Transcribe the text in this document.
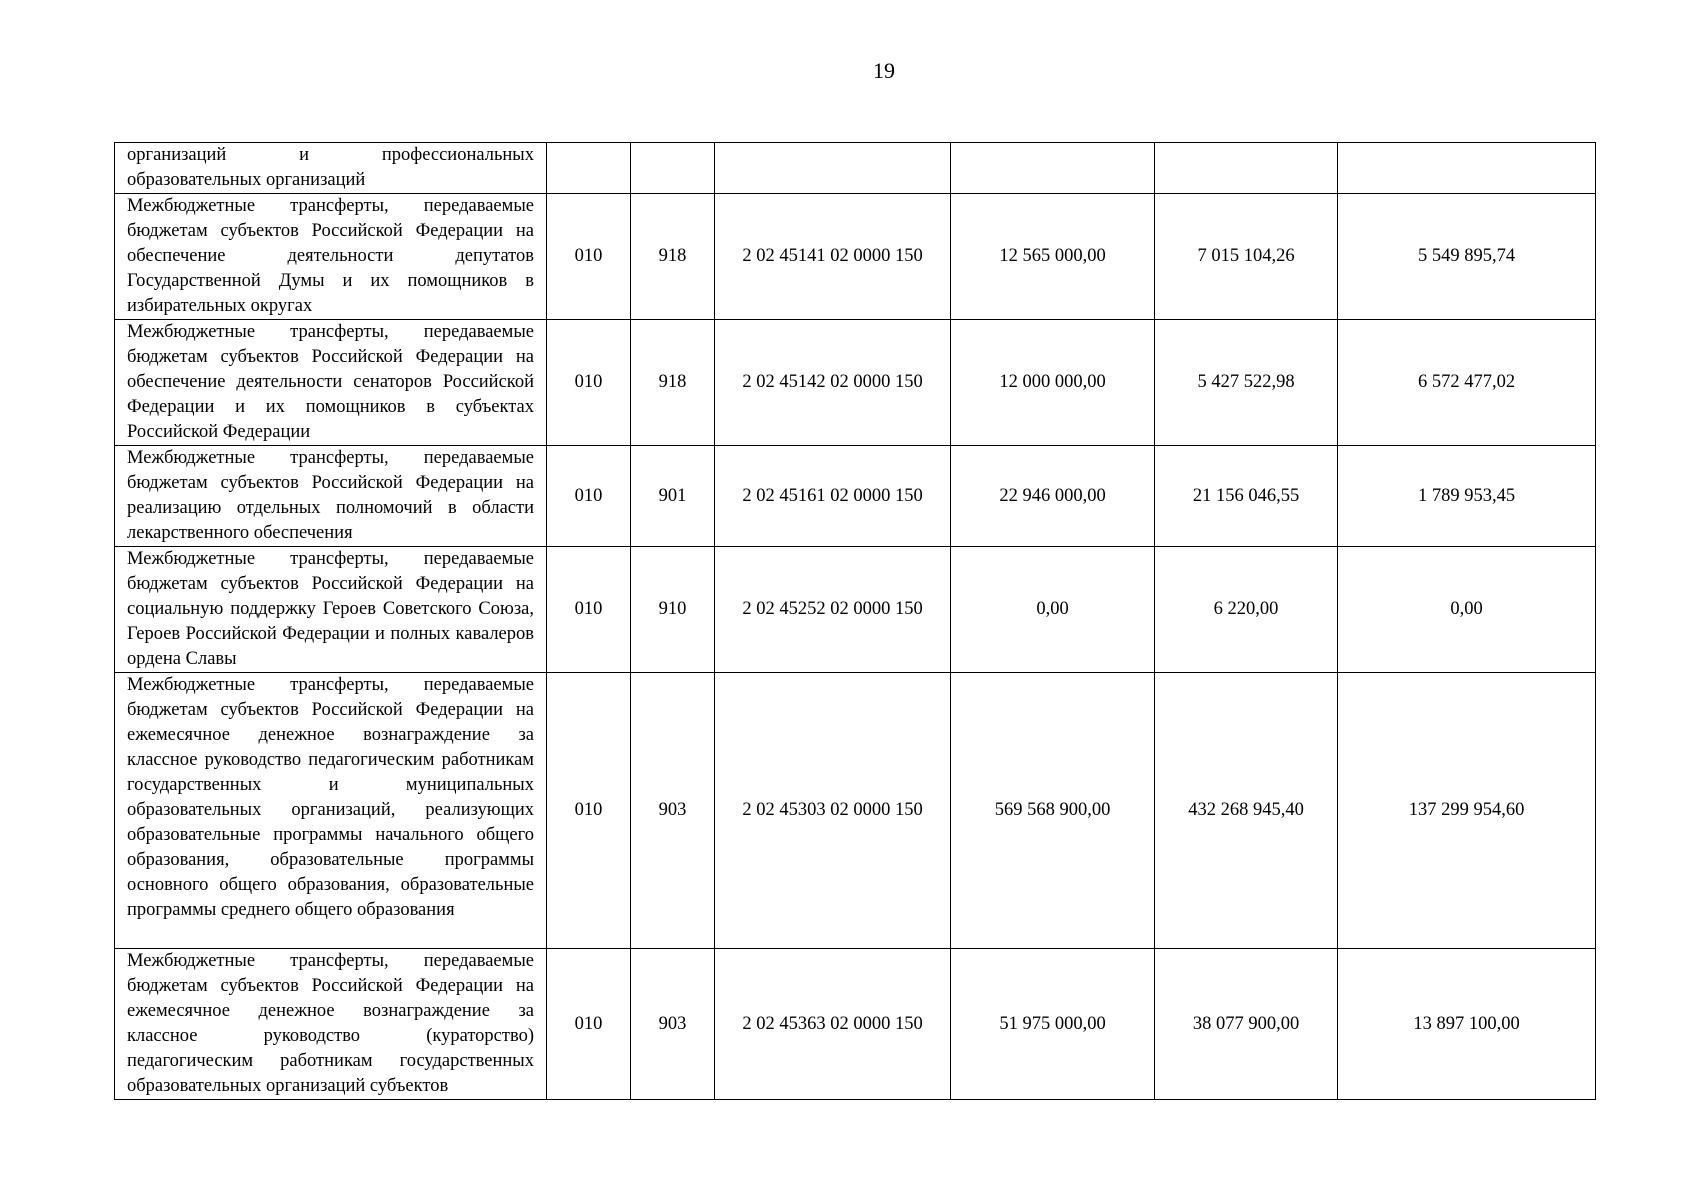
19
организаций и профессиональных образовательных организаций						
Межбюджетные трансферты, передаваемые бюджетам субъектов Российской Федерации на обеспечение деятельности депутатов Государственной Думы и их помощников в избирательных округах	010	918	2 02 45141 02 0000 150	12 565 000,00	7 015 104,26	5 549 895,74
Межбюджетные трансферты, передаваемые бюджетам субъектов Российской Федерации на обеспечение деятельности сенаторов Российской Федерации и их помощников в субъектах Российской Федерации	010	918	2 02 45142 02 0000 150	12 000 000,00	5 427 522,98	6 572 477,02
Межбюджетные трансферты, передаваемые бюджетам субъектов Российской Федерации на реализацию отдельных полномочий в области лекарственного обеспечения	010	901	2 02 45161 02 0000 150	22 946 000,00	21 156 046,55	1 789 953,45
Межбюджетные трансферты, передаваемые бюджетам субъектов Российской Федерации на социальную поддержку Героев Советского Союза, Героев Российской Федерации и полных кавалеров ордена Славы	010	910	2 02 45252 02 0000 150	0,00	6 220,00	0,00
Межбюджетные трансферты, передаваемые бюджетам субъектов Российской Федерации на ежемесячное денежное вознаграждение за классное руководство педагогическим работникам государственных и муниципальных образовательных организаций, реализующих образовательные программы начального общего образования, образовательные программы основного общего образования, образовательные программы среднего общего образования	010	903	2 02 45303 02 0000 150	569 568 900,00	432 268 945,40	137 299 954,60
Межбюджетные трансферты, передаваемые бюджетам субъектов Российской Федерации на ежемесячное денежное вознаграждение за классное руководство (кураторство) педагогическим работникам государственных образовательных организаций субъектов	010	903	2 02 45363 02 0000 150	51 975 000,00	38 077 900,00	13 897 100,00
